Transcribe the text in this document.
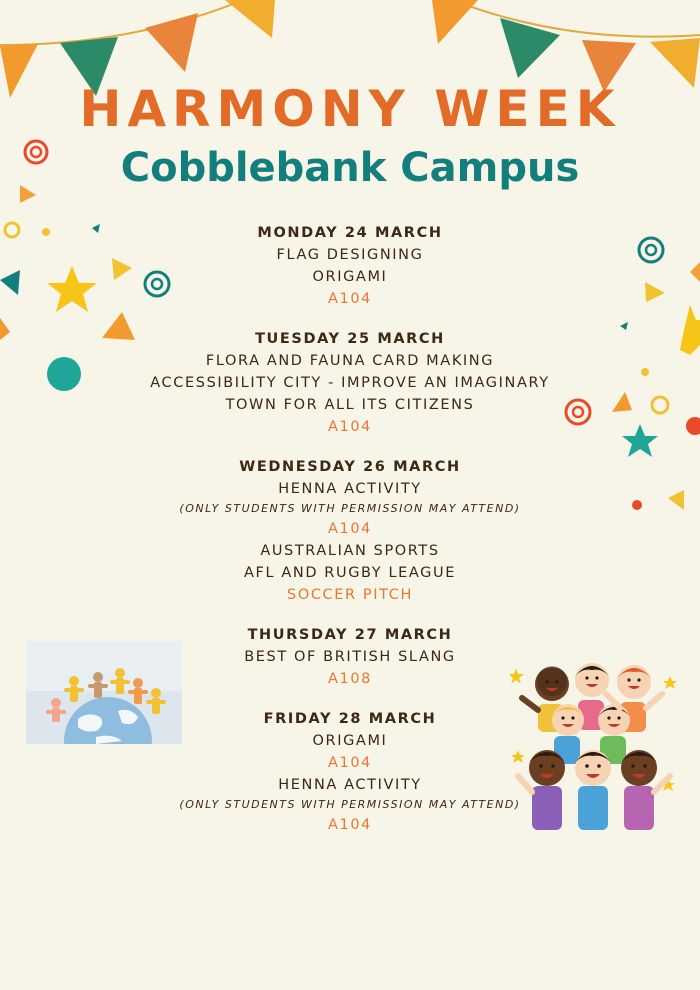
HARMONY WEEK
Cobblebank Campus
MONDAY 24 MARCH
FLAG DESIGNING
ORIGAMI
A104
TUESDAY 25 MARCH
FLORA AND FAUNA CARD MAKING
ACCESSIBILITY CITY - IMPROVE AN IMAGINARY
TOWN FOR ALL ITS CITIZENS
A104
WEDNESDAY 26 MARCH
HENNA ACTIVITY
(ONLY STUDENTS WITH PERMISSION MAY ATTEND)
A104
AUSTRALIAN SPORTS
AFL AND RUGBY LEAGUE
SOCCER PITCH
THURSDAY 27 MARCH
BEST OF BRITISH SLANG
A108
FRIDAY 28 MARCH
ORIGAMI
A104
HENNA ACTIVITY
(ONLY STUDENTS WITH PERMISSION MAY ATTEND)
A104
